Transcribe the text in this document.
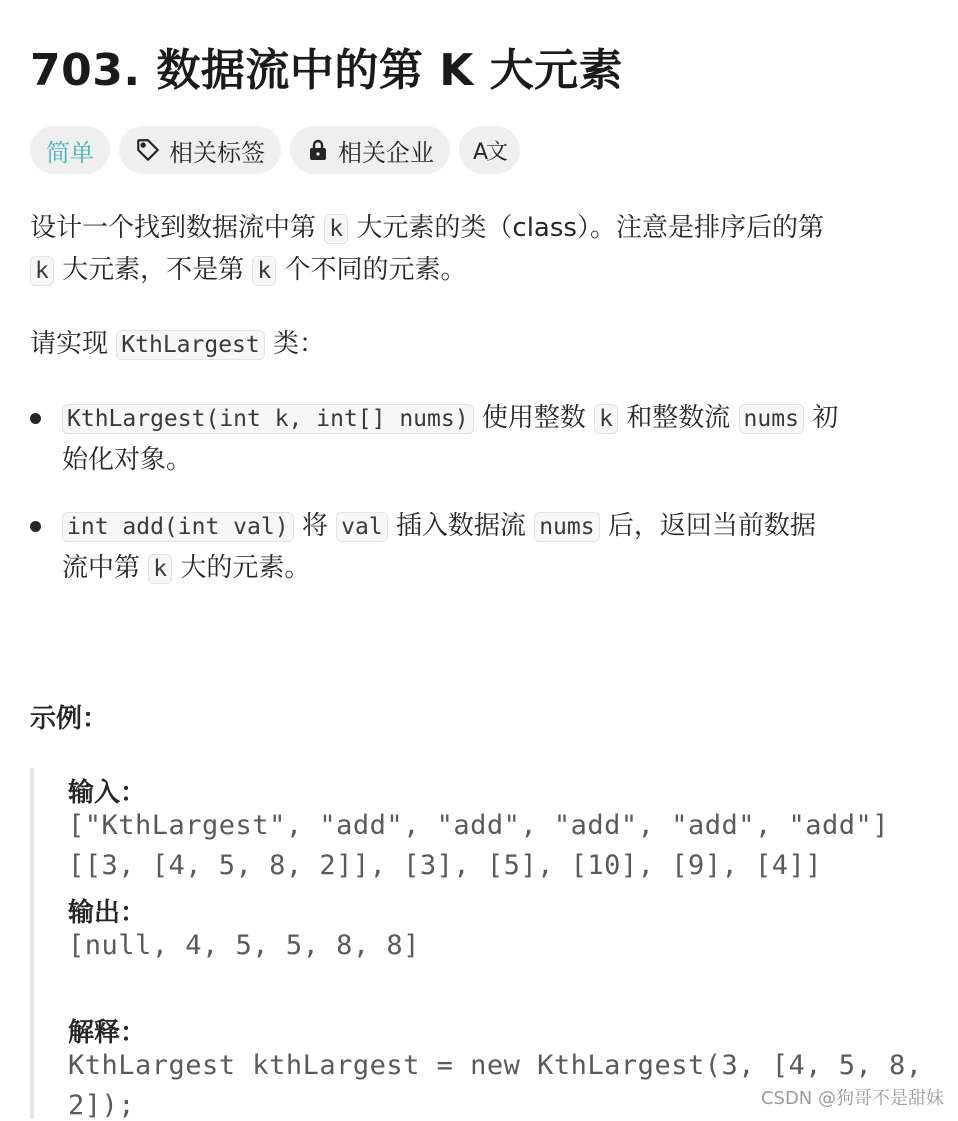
703. 数据流中的第 K 大元素
简单	相关标签	相关企业 A文
设计一个找到数据流中第 k 大元素的类（class）。注意是排序后的第
k 大元素，不是第 k 个不同的元素。
请实现 KthLargest 类：
KthLargest(int k, int[] nums) 使用整数 k 和整数流 nums 初
始化对象。
int add(int val) 将 val 插入数据流 nums 后，返回当前数据
流中第 k 大的元素。
示例：
输入：
["KthLargest", "add", "add", "add", "add", "add"]
[[3, [4, 5, 8, 2]], [3], [5], [10], [9], [4]]
输出：
[null, 4, 5, 5, 8, 8]
解释：
KthLargest kthLargest = new KthLargest(3, [4, 5, 8,
2]);	CSDN @狗哥不是甜妹
